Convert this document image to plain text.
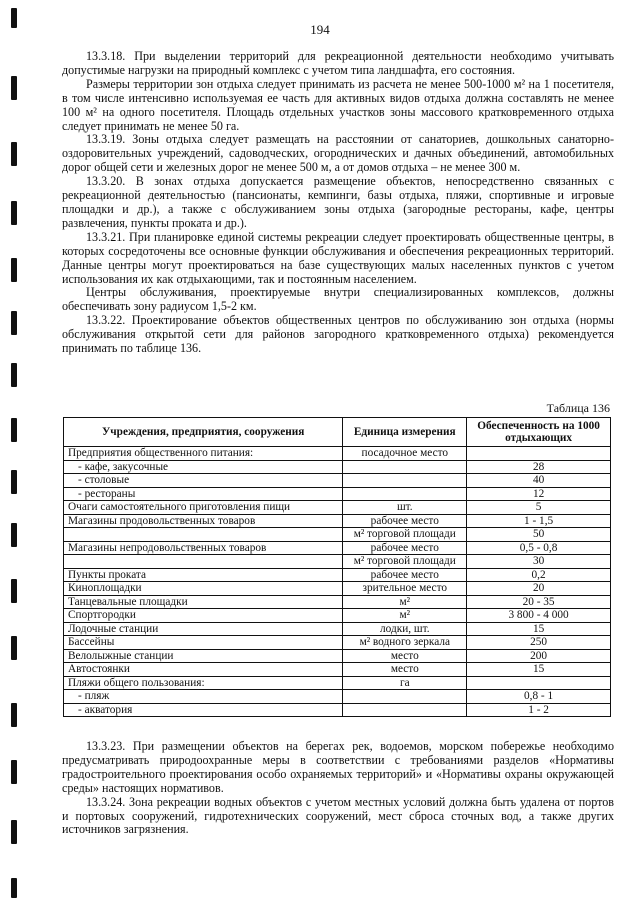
194

13.3.18. При выделении территорий для рекреационной деятельности необходимо учитывать допустимые нагрузки на природный комплекс с учетом типа ландшафта, его состояния.

Размеры территории зон отдыха следует принимать из расчета не менее 500-1000 м² на 1 посетителя, в том числе интенсивно используемая ее часть для активных видов отдыха должна составлять не менее 100 м² на одного посетителя. Площадь отдельных участков зоны массового кратковременного отдыха следует принимать не менее 50 га.

13.3.19. Зоны отдыха следует размещать на расстоянии от санаториев, дошкольных санаторно-оздоровительных учреждений, садоводческих, огороднических и дачных объединений, автомобильных дорог общей сети и железных дорог не менее 500 м, а от домов отдыха – не менее 300 м.

13.3.20. В зонах отдыха допускается размещение объектов, непосредственно связанных с рекреационной деятельностью (пансионаты, кемпинги, базы отдыха, пляжи, спортивные и игровые площадки и др.), а также с обслуживанием зоны отдыха (загородные рестораны, кафе, центры развлечения, пункты проката и др.).

13.3.21. При планировке единой системы рекреации следует проектировать общественные центры, в которых сосредоточены все основные функции обслуживания и обеспечения рекреационных территорий. Данные центры могут проектироваться на базе существующих малых населенных пунктов с учетом использования их как отдыхающими, так и постоянным населением.

Центры обслуживания, проектируемые внутри специализированных комплексов, должны обеспечивать зону радиусом 1,5-2 км.

13.3.22. Проектирование объектов общественных центров по обслуживанию зон отдыха (нормы обслуживания открытой сети для районов загородного кратковременного отдыха) рекомендуется принимать по таблице 136.

Таблица 136
Учреждения, предприятия, сооружения	Единица измерения	Обеспеченность на 1000 отдыхающих
Предприятия общественного питания:	посадочное место	
- кафе, закусочные		28
- столовые		40
- рестораны		12
Очаги самостоятельного приготовления пищи	шт.	5
Магазины продовольственных товаров	рабочее место	1 - 1,5
	м² торговой площади	50
Магазины непродовольственных товаров	рабочее место	0,5 - 0,8
	м² торговой площади	30
Пункты проката	рабочее место	0,2
Киноплощадки	зрительное место	20
Танцевальные площадки	м²	20 - 35
Спортгородки	м²	3 800 - 4 000
Лодочные станции	лодки, шт.	15
Бассейны	м² водного зеркала	250
Велолыжные станции	место	200
Автостоянки	место	15
Пляжи общего пользования:	га	
- пляж		0,8 - 1
- акватория		1 - 2

13.3.23. При размещении объектов на берегах рек, водоемов, морском побережье необходимо предусматривать природоохранные меры в соответствии с требованиями разделов «Нормативы градостроительного проектирования особо охраняемых территорий» и «Нормативы охраны окружающей среды» настоящих нормативов.

13.3.24. Зона рекреации водных объектов с учетом местных условий должна быть удалена от портов и портовых сооружений, гидротехнических сооружений, мест сброса сточных вод, а также других источников загрязнения.
